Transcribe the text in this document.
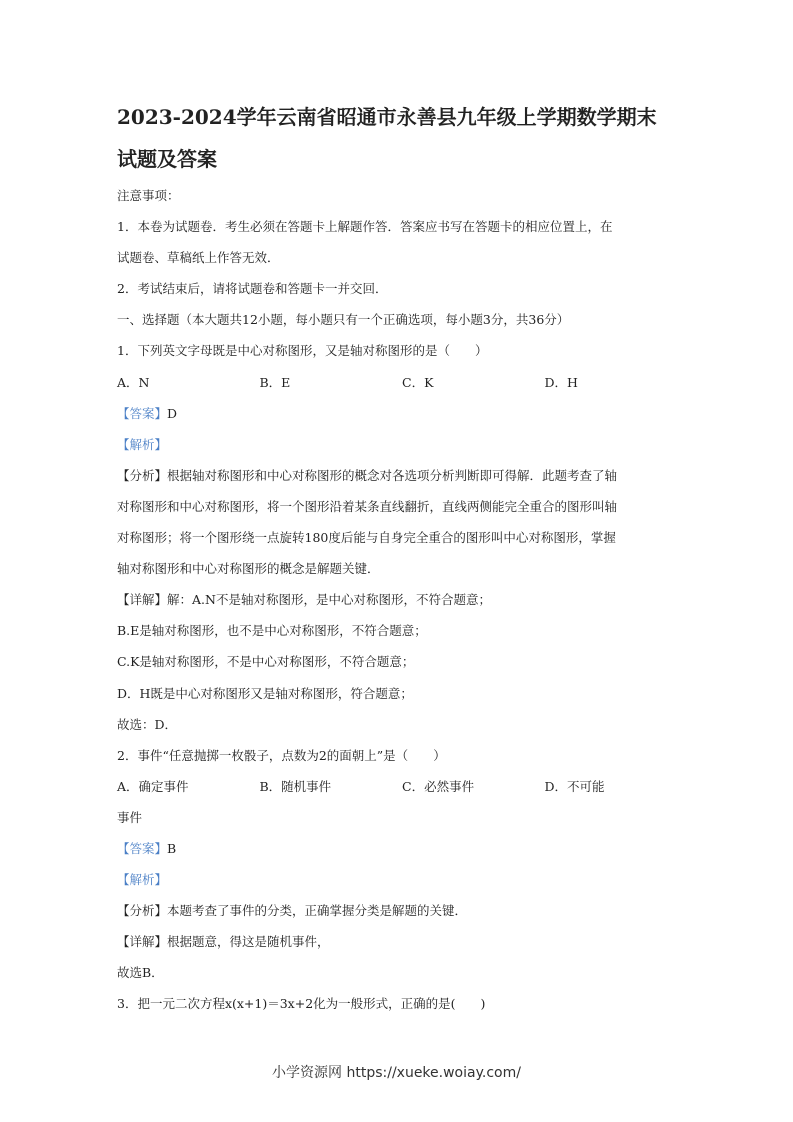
2023-2024学年云南省昭通市永善县九年级上学期数学期末
试题及答案
注意事项：
1．本卷为试题卷．考生必须在答题卡上解题作答．答案应书写在答题卡的相应位置上，在
试题卷、草稿纸上作答无效．
2．考试结束后，请将试题卷和答题卡一并交回．
一、选择题（本大题共12小题，每小题只有一个正确选项，每小题3分，共36分）
1．下列英文字母既是中心对称图形，又是轴对称图形的是（　　）
A．N	B．E	C．K	D．H
【答案】D
【解析】
【分析】根据轴对称图形和中心对称图形的概念对各选项分析判断即可得解．此题考查了轴
对称图形和中心对称图形，将一个图形沿着某条直线翻折，直线两侧能完全重合的图形叫轴
对称图形；将一个图形绕一点旋转180度后能与自身完全重合的图形叫中心对称图形，掌握
轴对称图形和中心对称图形的概念是解题关键．
【详解】解：A.N不是轴对称图形，是中心对称图形，不符合题意；
B.E是轴对称图形，也不是中心对称图形，不符合题意；
C.K是轴对称图形，不是中心对称图形，不符合题意；
D．H既是中心对称图形又是轴对称图形，符合题意；
故选：D．
2．事件“任意抛掷一枚骰子，点数为2的面朝上”是（　　）
A．确定事件	B．随机事件	C．必然事件	D．不可能
事件
【答案】B
【解析】
【分析】本题考查了事件的分类，正确掌握分类是解题的关键．
【详解】根据题意，得这是随机事件，
故选B．
3．把一元二次方程x(x+1)＝3x+2化为一般形式，正确的是(　　)
小学资源网 https://xueke.woiay.com/
